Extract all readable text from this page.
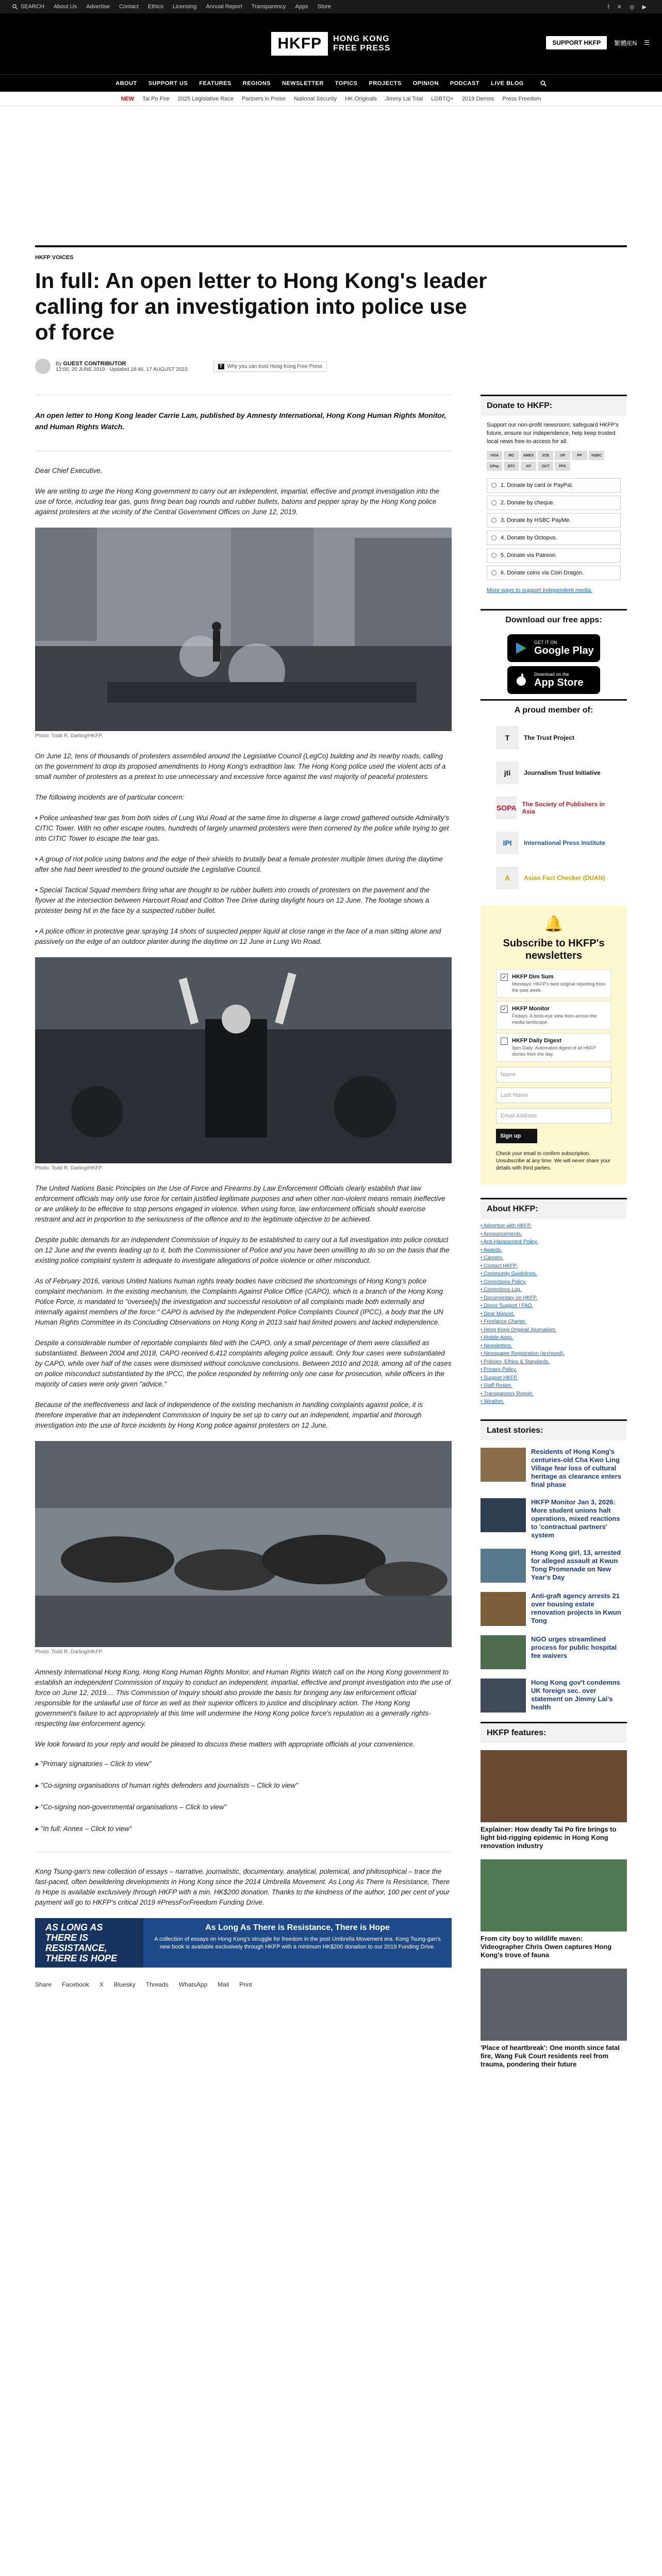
SEARCH About Us Advertise Contact Ethics Licensing Annual Report Transparency Apps Store	f ✕ ◎ ▶
HKFP	HONG KONG
FREE PRESS
SUPPORT HKFP	繁體/EN ☰
ABOUT SUPPORT US FEATURES REGIONS NEWSLETTER TOPICS PROJECTS OPINION PODCAST LIVE BLOG
NEW Tai Po Fire 2025 Legislative Race Partners in Prose National Security HK Originals Jimmy Lai Trial LGBTQ+ 2019 Demos Press Freedom
HKFP VOICES
In full: An open letter to Hong Kong's leader calling for an investigation into police use of force
By GUEST CONTRIBUTOR
12:00, 20 JUNE 2019 · Updated 18:46, 17 AUGUST 2023
T Why you can trust Hong Kong Free Press
An open letter to Hong Kong leader Carrie Lam, published by Amnesty International, Hong Kong Human Rights Monitor, and Human Rights Watch.

Dear Chief Executive,

We are writing to urge the Hong Kong government to carry out an independent, impartial, effective and prompt investigation into the use of force, including tear gas, guns firing bean bag rounds and rubber bullets, batons and pepper spray by the Hong Kong police against protesters at the vicinity of the Central Government Offices on June 12, 2019.

Photo: Todd R. Darling/HKFP.

On June 12, tens of thousands of protesters assembled around the Legislative Council (LegCo) building and its nearby roads, calling on the government to drop its proposed amendments to Hong Kong's extradition law. The Hong Kong police used the violent acts of a small number of protesters as a pretext to use unnecessary and excessive force against the vast majority of peaceful protesters.

The following incidents are of particular concern:

• Police unleashed tear gas from both sides of Lung Wui Road at the same time to disperse a large crowd gathered outside Admiralty's CITIC Tower. With no other escape routes, hundreds of largely unarmed protesters were then cornered by the police while trying to get into CITIC Tower to escape the tear gas.

• A group of riot police using batons and the edge of their shields to brutally beat a female protester multiple times during the daytime after she had been wrestled to the ground outside the Legislative Council.

• Special Tactical Squad members firing what are thought to be rubber bullets into crowds of protesters on the pavement and the flyover at the intersection between Harcourt Road and Cotton Tree Drive during daylight hours on 12 June. The footage shows a protester being hit in the face by a suspected rubber bullet.

• A police officer in protective gear spraying 14 shots of suspected pepper liquid at close range in the face of a man sitting alone and passively on the edge of an outdoor planter during the daytime on 12 June in Lung Wo Road.

Photo: Todd R. Darling/HKFP.

The United Nations Basic Principles on the Use of Force and Firearms by Law Enforcement Officials clearly establish that law enforcement officials may only use force for certain justified legitimate purposes and when other non-violent means remain ineffective or are unlikely to be effective to stop persons engaged in violence. When using force, law enforcement officials should exercise restraint and act in proportion to the seriousness of the offence and to the legitimate objective to be achieved.

Despite public demands for an independent Commission of Inquiry to be established to carry out a full investigation into police conduct on 12 June and the events leading up to it, both the Commissioner of Police and you have been unwilling to do so on the basis that the existing police complaint system is adequate to investigate allegations of police violence or other misconduct.

As of February 2016, various United Nations human rights treaty bodies have criticised the shortcomings of Hong Kong's police complaint mechanism. In the existing mechanism, the Complaints Against Police Office (CAPO), which is a branch of the Hong Kong Police Force, is mandated to "oversee[s] the investigation and successful resolution of all complaints made both externally and internally against members of the force." CAPO is advised by the Independent Police Complaints Council (IPCC), a body that the UN Human Rights Committee in its Concluding Observations on Hong Kong in 2013 said had limited powers and lacked independence.

Despite a considerable number of reportable complaints filed with the CAPO, only a small percentage of them were classified as substantiated. Between 2004 and 2018, CAPO received 6,412 complaints alleging police assault. Only four cases were substantiated by CAPO, while over half of the cases were dismissed without conclusive conclusions. Between 2010 and 2018, among all of the cases on police misconduct substantiated by the IPCC, the police responded by referring only one case for prosecution, while officers in the majority of cases were only given "advice."

Because of the ineffectiveness and lack of independence of the existing mechanism in handling complaints against police, it is therefore imperative that an independent Commission of Inquiry be set up to carry out an independent, impartial and thorough investigation into the use of force incidents by Hong Kong police against protesters on 12 June.

Photo: Todd R. Darling/HKFP.

Amnesty International Hong Kong, Hong Kong Human Rights Monitor, and Human Rights Watch call on the Hong Kong government to establish an independent Commission of Inquiry to conduct an independent, impartial, effective and prompt investigation into the use of force on June 12, 2019.... This Commission of Inquiry should also provide the basis for bringing any law enforcement official responsible for the unlawful use of force as well as their superior officers to justice and disciplinary action. The Hong Kong government's failure to act appropriately at this time will undermine the Hong Kong police force's reputation as a generally rights-respecting law enforcement agency.

We look forward to your reply and would be pleased to discuss these matters with appropriate officials at your convenience.

▸ "Primary signatories – Click to view"
▸ "Co-signing organisations of human rights defenders and journalists – Click to view"
▸ "Co-signing non-governmental organisations – Click to view"
▸ "In full: Annex – Click to view"

Kong Tsung-gan's new collection of essays – narrative, journalistic, documentary, analytical, polemical, and philosophical – trace the fast-paced, often bewildering developments in Hong Kong since the 2014 Umbrella Movement. As Long As There Is Resistance, There Is Hope is available exclusively through HKFP with a min. HK$200 donation. Thanks to the kindness of the author, 100 per cent of your payment will go to HKFP's critical 2019 #PressForFreedom Funding Drive.

AS LONG AS THERE IS RESISTANCE, THERE IS HOPE
As Long As There is Resistance, There is Hope
A collection of essays on Hong Kong's struggle for freedom in the post Umbrella Movement era. Kong Tsung-gan's new book is available exclusively through HKFP with a minimum HK$200 donation to our 2019 Funding Drive.
Share Facebook X Bluesky Threads WhatsApp Mail Print
Donate to HKFP:
Support our non-profit newsroom; safeguard HKFP's future, ensure our independence, help keep trusted local news free-to-access for all.
VISA	MC	AMEX	JCB	UP	PP	HSBC
GPay	BTC	AP	OCT	FPS
1. Donate by card or PayPal.
2. Donate by cheque.
3. Donate by HSBC PayMe.
4. Donate by Octopus.
5. Donate via Patreon.
6. Donate coins via Coin Dragon.
More ways to support independent media.
Download our free apps:
GET IT ON
Google Play
Download on the
App Store
A proud member of:
T	The Trust Project
jti	Journalism Trust Initiative
SOPA The Society of Publishers in Asia
IPI	International Press Institute
A	Asian Fact Checker (DUAN)
🔔
Subscribe to HKFP's newsletters
✓ HKFP Dim Sum
Mondays: HKFP's best original reporting from the past week.
✓ HKFP Monitor
Fridays: A birds-eye view from across the media landscape.
HKFP Daily Digest
9pm Daily: Automated digest of all HKFP stories from the day.
Name
Last Name
Email Address
Sign up
Check your email to confirm subscription. Unsubscribe at any time. We will never share your details with third parties.
About HKFP:
• Advertise with HKFP.
• Announcements.
• Anti-Harassment Policy.
• Awards.
• Careers.
• Contact HKFP.
• Community Guidelines.
• Corrections Policy.
• Corrections Log.
• Documentary on HKFP.
• Donor Support | FAQ.
• Dear Mascot.
• Freelance Charter.
• Hong Kong Original Journalism.
• Mobile Apps.
• Newsletters.
• Newspaper Registration (archived).
• Policies, Ethics & Standards.
• Privacy Policy.
• Support HKFP.
• Staff Roster.
• Transparency Report.
• Weather.
Latest stories:
Residents of Hong Kong's centuries-old Cha Kwo Ling Village fear loss of cultural heritage as clearance enters final phase
HKFP Monitor Jan 3, 2026: More student unions halt operations, mixed reactions to 'contractual partners' system
Hong Kong girl, 13, arrested for alleged assault at Kwun Tong Promenade on New Year's Day
Anti-graft agency arrests 21 over housing estate renovation projects in Kwun Tong
NGO urges streamlined process for public hospital fee waivers
Hong Kong gov't condemns UK foreign sec. over statement on Jimmy Lai's health
HKFP features:
Explainer: How deadly Tai Po fire brings to light bid-rigging epidemic in Hong Kong renovation industry
From city boy to wildlife maven: Videographer Chris Owen captures Hong Kong's trove of fauna
'Place of heartbreak': One month since fatal fire, Wang Fuk Court residents reel from trauma, pondering their future
